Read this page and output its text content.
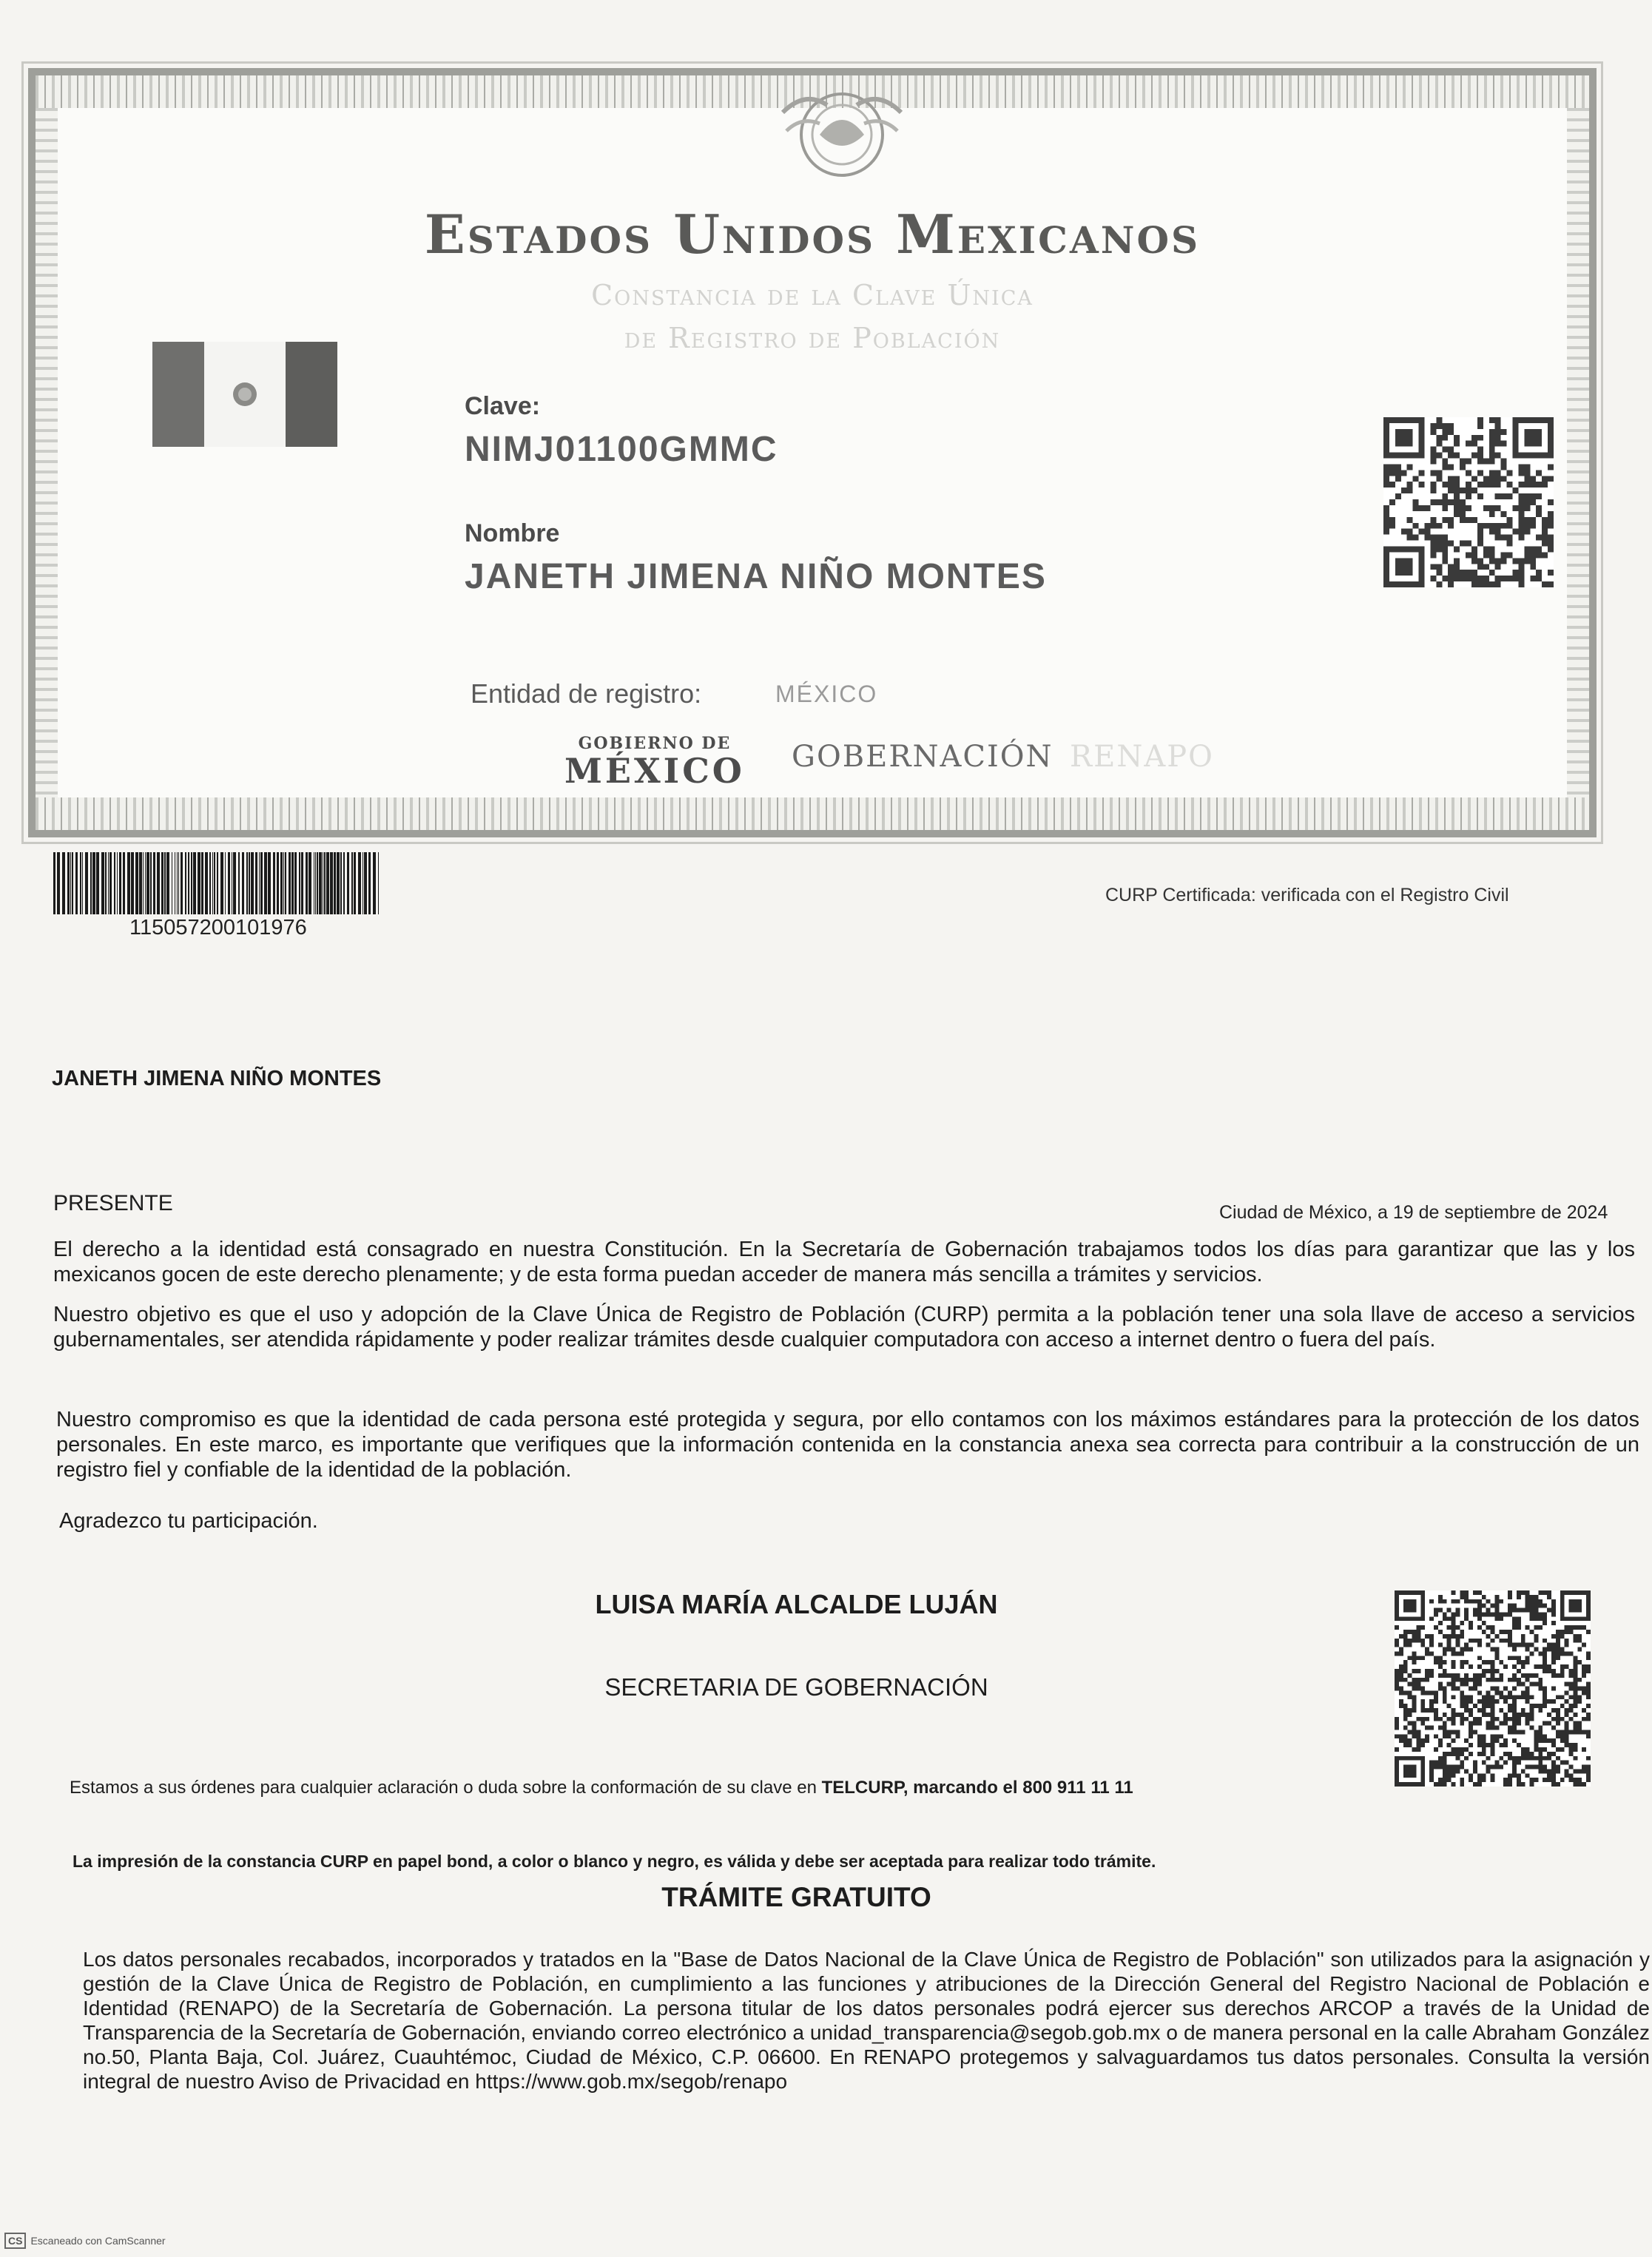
Estados Unidos Mexicanos
Constancia de la Clave Única
de Registro de Población
Clave:
NIMJ01100GMMC
Nombre
JANETH JIMENA NIÑO MONTES
Entidad de registro:	MÉXICO
GOBIERNO DE
MÉXICO GOBERNACIÓN RENAPO
115057200101976
CURP Certificada: verificada con el Registro Civil
JANETH JIMENA NIÑO MONTES
PRESENTE	Ciudad de México, a 19 de septiembre de 2024
El derecho a la identidad está consagrado en nuestra Constitución. En la Secretaría de Gobernación trabajamos todos los días para garantizar que las y los mexicanos gocen de este derecho plenamente; y de esta forma puedan acceder de manera más sencilla a trámites y servicios.
Nuestro objetivo es que el uso y adopción de la Clave Única de Registro de Población (CURP) permita a la población tener una sola llave de acceso a servicios gubernamentales, ser atendida rápidamente y poder realizar trámites desde cualquier computadora con acceso a internet dentro o fuera del país.
Nuestro compromiso es que la identidad de cada persona esté protegida y segura, por ello contamos con los máximos estándares para la protección de los datos personales. En este marco, es importante que verifiques que la información contenida en la constancia anexa sea correcta para contribuir a la construcción de un registro fiel y confiable de la identidad de la población.
Agradezco tu participación.
LUISA MARÍA ALCALDE LUJÁN
SECRETARIA DE GOBERNACIÓN
Estamos a sus órdenes para cualquier aclaración o duda sobre la conformación de su clave en TELCURP, marcando el 800 911 11 11
La impresión de la constancia CURP en papel bond, a color o blanco y negro, es válida y debe ser aceptada para realizar todo trámite.
TRÁMITE GRATUITO
Los datos personales recabados, incorporados y tratados en la "Base de Datos Nacional de la Clave Única de Registro de Población" son utilizados para la asignación y gestión de la Clave Única de Registro de Población, en cumplimiento a las funciones y atribuciones de la Dirección General del Registro Nacional de Población e Identidad (RENAPO) de la Secretaría de Gobernación. La persona titular de los datos personales podrá ejercer sus derechos ARCOP a través de la Unidad de Transparencia de la Secretaría de Gobernación, enviando correo electrónico a unidad_transparencia@segob.gob.mx o de manera personal en la calle Abraham González no.50, Planta Baja, Col. Juárez, Cuauhtémoc, Ciudad de México, C.P. 06600. En RENAPO protegemos y salvaguardamos tus datos personales. Consulta la versión integral de nuestro Aviso de Privacidad en https://www.gob.mx/segob/renapo
CS Escaneado con CamScanner
